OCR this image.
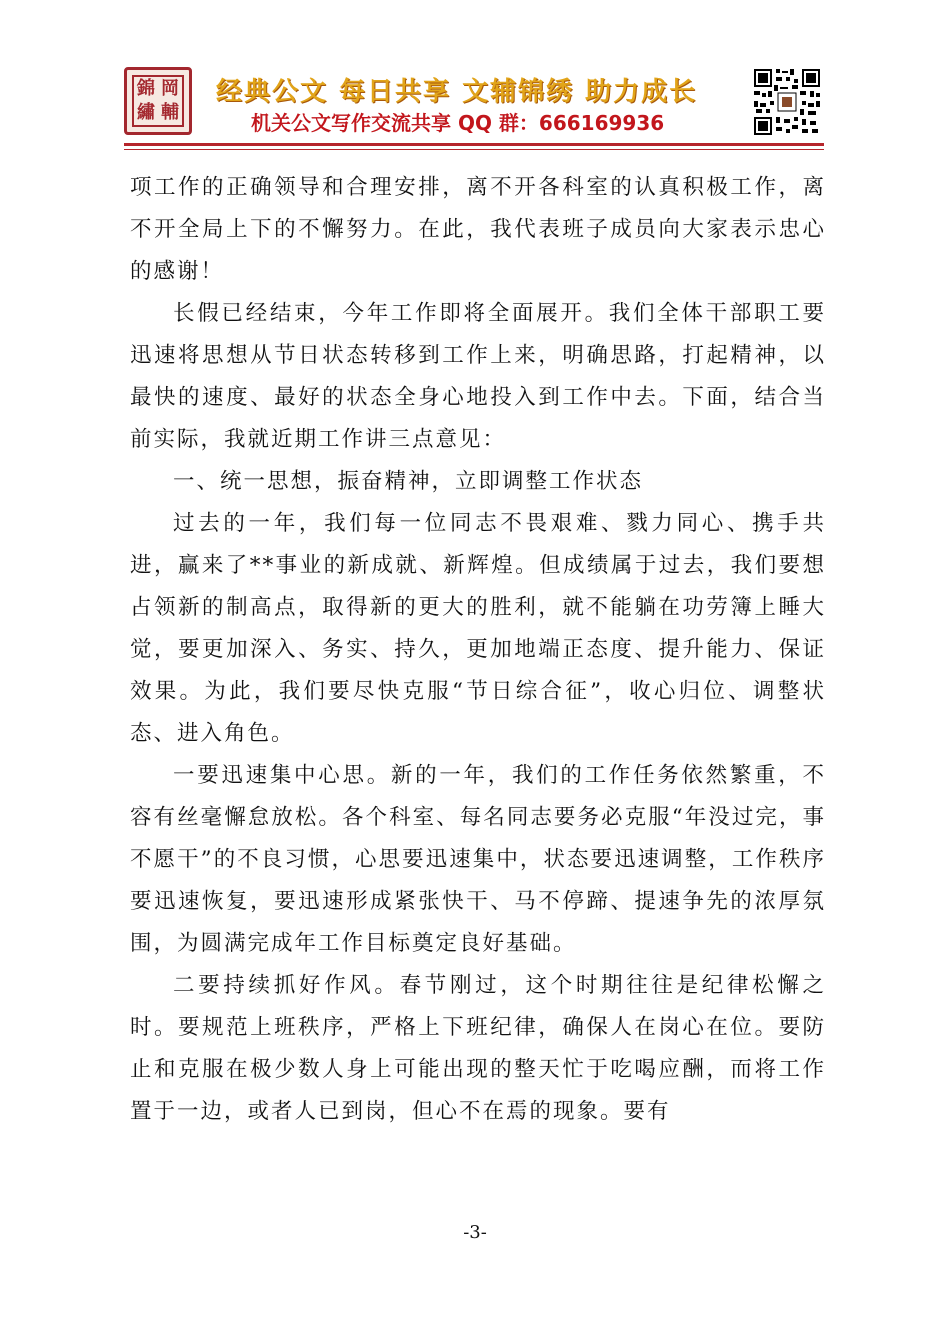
錦 岡
繡 輔
经典公文 每日共享 文辅锦绣 助力成长
机关公文写作交流共享 QQ 群：666169936

项工作的正确领导和合理安排，离不开各科室的认真积极工作，离不开全局上下的不懈努力。在此，我代表班子成员向大家表示忠心的感谢！

长假已经结束，今年工作即将全面展开。我们全体干部职工要迅速将思想从节日状态转移到工作上来，明确思路，打起精神，以最快的速度、最好的状态全身心地投入到工作中去。下面，结合当前实际，我就近期工作讲三点意见：

一、统一思想，振奋精神，立即调整工作状态

过去的一年，我们每一位同志不畏艰难、戮力同心、携手共进，赢来了**事业的新成就、新辉煌。但成绩属于过去，我们要想占领新的制高点，取得新的更大的胜利，就不能躺在功劳簿上睡大觉，要更加深入、务实、持久，更加地端正态度、提升能力、保证效果。为此，我们要尽快克服“节日综合征”，收心归位、调整状态、进入角色。

一要迅速集中心思。新的一年，我们的工作任务依然繁重，不容有丝毫懈怠放松。各个科室、每名同志要务必克服“年没过完，事不愿干”的不良习惯，心思要迅速集中，状态要迅速调整，工作秩序要迅速恢复，要迅速形成紧张快干、马不停蹄、提速争先的浓厚氛围，为圆满完成年工作目标奠定良好基础。

二要持续抓好作风。春节刚过，这个时期往往是纪律松懈之时。要规范上班秩序，严格上下班纪律，确保人在岗心在位。要防止和克服在极少数人身上可能出现的整天忙于吃喝应酬，而将工作置于一边，或者人已到岗，但心不在焉的现象。要有

-3-
